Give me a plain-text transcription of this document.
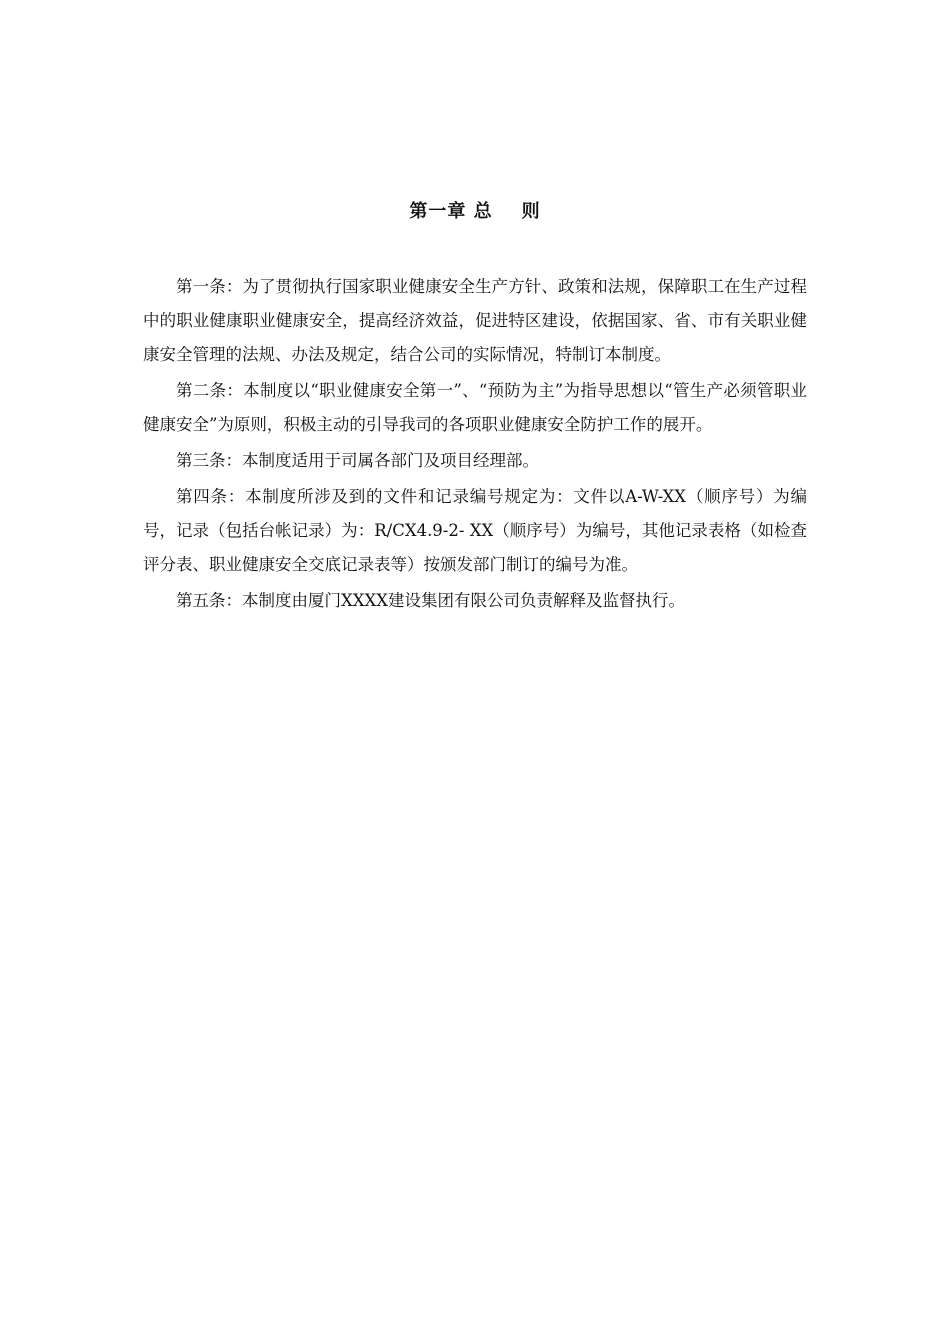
第一章 总    则

第一条：为了贯彻执行国家职业健康安全生产方针、政策和法规，保障职工在生产过程中的职业健康职业健康安全，提高经济效益，促进特区建设，依据国家、省、市有关职业健康安全管理的法规、办法及规定，结合公司的实际情况，特制订本制度。

第二条：本制度以“职业健康安全第一”、“预防为主”为指导思想以“管生产必须管职业健康安全”为原则，积极主动的引导我司的各项职业健康安全防护工作的展开。

第三条：本制度适用于司属各部门及项目经理部。

第四条：本制度所涉及到的文件和记录编号规定为：文件以A-W-XX（顺序号）为编号，记录（包括台帐记录）为：R/CX4.9-2- XX（顺序号）为编号，其他记录表格（如检查评分表、职业健康安全交底记录表等）按颁发部门制订的编号为准。

第五条：本制度由厦门XXXX建设集团有限公司负责解释及监督执行。
